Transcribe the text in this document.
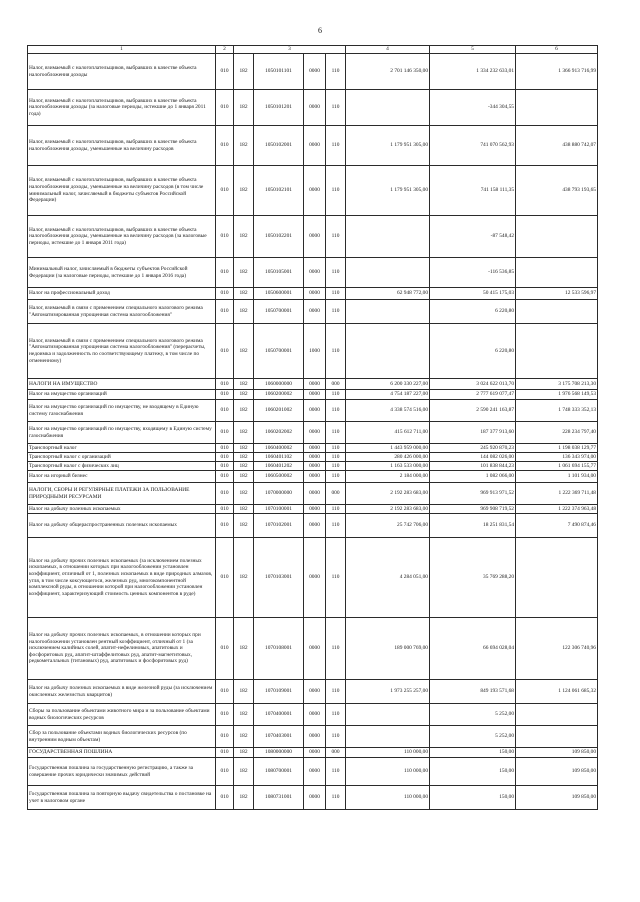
6
1	2	3				4	5	6
Налог, взимаемый с налогоплательщиков, выбравших в качестве объекта налогообложения доходы	010	182	1050101101	0000	110	2 701 146 350,00	1 334 232 633,01	1 366 913 716,99
Налог, взимаемый с налогоплательщиков, выбравших в качестве объекта налогообложения доходы (за налоговые периоды, истекшие до 1 января 2011 года)	010	182	1050101201	0000	110		-344 304,55	
Налог, взимаемый с налогоплательщиков, выбравших в качестве объекта налогообложения доходы, уменьшенные на величину расходов	010	182	1050102001	0000	110	1 179 951 305,00	741 070 562,93	438 880 742,07
Налог, взимаемый с налогоплательщиков, выбравших в качестве объекта налогообложения доходы, уменьшенные на величину расходов (в том числе минимальный налог, зачисляемый в бюджеты субъектов Российской Федерации)	010	182	1050102101	0000	110	1 179 951 305,00	741 158 111,35	438 793 193,65
Налог, взимаемый с налогоплательщиков, выбравших в качестве объекта налогообложения доходы, уменьшенные на величину расходов (за налоговые периоды, истекшие до 1 января 2011 года)	010	182	1050102201	0000	110		-87 548,42	
Минимальный налог, зачисляемый в бюджеты субъектов Российской Федерации (за налоговые периоды, истекшие до 1 января 2016 года)	010	182	1050105001	0000	110		-116 536,85	
Налог на профессиональный доход	010	182	1050600001	0000	110	62 948 772,00	50 415 175,03	12 533 596,97
Налог, взимаемый в связи с применением специального налогового режима "Автоматизированная упрощенная система налогообложения"	010	182	1050700001	0000	110		6 220,80	
Налог, взимаемый в связи с применением специального налогового режима "Автоматизированная упрощенная система налогообложения" (перерасчеты, недоимка и задолженность по соответствующему платежу, в том числе по отмененному)	010	182	1050700001	1000	110		6 220,80	
НАЛОГИ НА ИМУЩЕСТВО	010	182	1060000000	0000	000	6 200 330 227,00	3 024 622 013,70	3 175 708 213,30
Налог на имущество организаций	010	182	1060200002	0000	110	4 754 187 227,00	2 777 619 077,47	1 976 568 149,53
Налог на имущество организаций по имуществу, не входящему в Единую систему газоснабжения	010	182	1060201002	0000	110	4 338 574 516,00	2 590 241 163,87	1 748 333 352,13
Налог на имущество организаций по имуществу, входящему в Единую систему газоснабжения	010	182	1060202002	0000	110	415 612 711,00	187 377 913,60	228 234 797,40
Транспортный налог	010	182	1060400002	0000	110	1 443 959 000,00	245 920 870,23	1 198 038 129,77
Транспортный налог с организаций	010	182	1060401102	0000	110	280 426 000,00	144 082 026,00	136 343 974,00
Транспортный налог с физических лиц	010	182	1060401202	0000	110	1 163 533 000,00	101 838 844,23	1 061 694 155,77
Налог на игорный бизнес	010	182	1060500002	0000	110	2 184 000,00	1 082 066,00	1 101 934,00
НАЛОГИ, СБОРЫ И РЕГУЛЯРНЫЕ ПЛАТЕЖИ ЗА ПОЛЬЗОВАНИЕ ПРИРОДНЫМИ РЕСУРСАМИ	010	182	1070000000	0000	000	2 192 283 683,00	969 913 971,52	1 222 369 711,48
Налог на добычу полезных ископаемых	010	182	1070100001	0000	110	2 192 283 683,00	969 908 719,52	1 222 374 963,48
Налог на добычу общераспространенных полезных ископаемых	010	182	1070102001	0000	110	25 742 706,00	18 251 831,54	7 490 874,46
Налог на добычу прочих полезных ископаемых (за исключением полезных ископаемых, в отношении которых при налогообложении установлен коэффициент, отличный от 1, полезных ископаемых в виде природных алмазов, угля, в том числе коксующегося, железных руд, многокомпонентной комплексной руды, в отношении которой при налогообложении установлен коэффициент, характеризующий стоимость ценных компонентов в руде)	010	182	1070103001	0000	110	4 284 051,00	35 769 288,20	
Налог на добычу прочих полезных ископаемых, в отношении которых при налогообложении установлен рентный коэффициент, отличный от 1 (за исключением калийных солей, апатит-нефелиновых, апатитовых и фосфоритовых руд, апатит-штаффелитовых руд, апатит-магнетитовых, редкометалльных (титановых) руд, апатитовых и фосфоритовых руд)	010	182	1070108001	0000	110	189 000 769,00	66 694 028,04	122 306 740,96
Налог на добычу полезных ископаемых в виде железной руды (за исключением окисленных железистых кварцитов)	010	182	1070109001	0000	110	1 973 255 257,00	849 193 571,68	1 124 061 685,32
Сборы за пользование объектами животного мира и за пользование объектами водных биологических ресурсов	010	182	1070400001	0000	110		5 252,00	
Сбор за пользование объектами водных биологических ресурсов (по внутренним водным объектам)	010	182	1070403001	0000	110		5 252,00	
ГОСУДАРСТВЕННАЯ ПОШЛИНА	010	182	1080000000	0000	000	110 000,00	150,00	109 850,00
Государственная пошлина за государственную регистрацию, а также за совершение прочих юридически значимых действий	010	182	1080700001	0000	110	110 000,00	150,00	109 850,00
Государственная пошлина за повторную выдачу свидетельства о постановке на учет в налоговом органе	010	182	1080731001	0000	110	110 000,00	150,00	109 850,00
